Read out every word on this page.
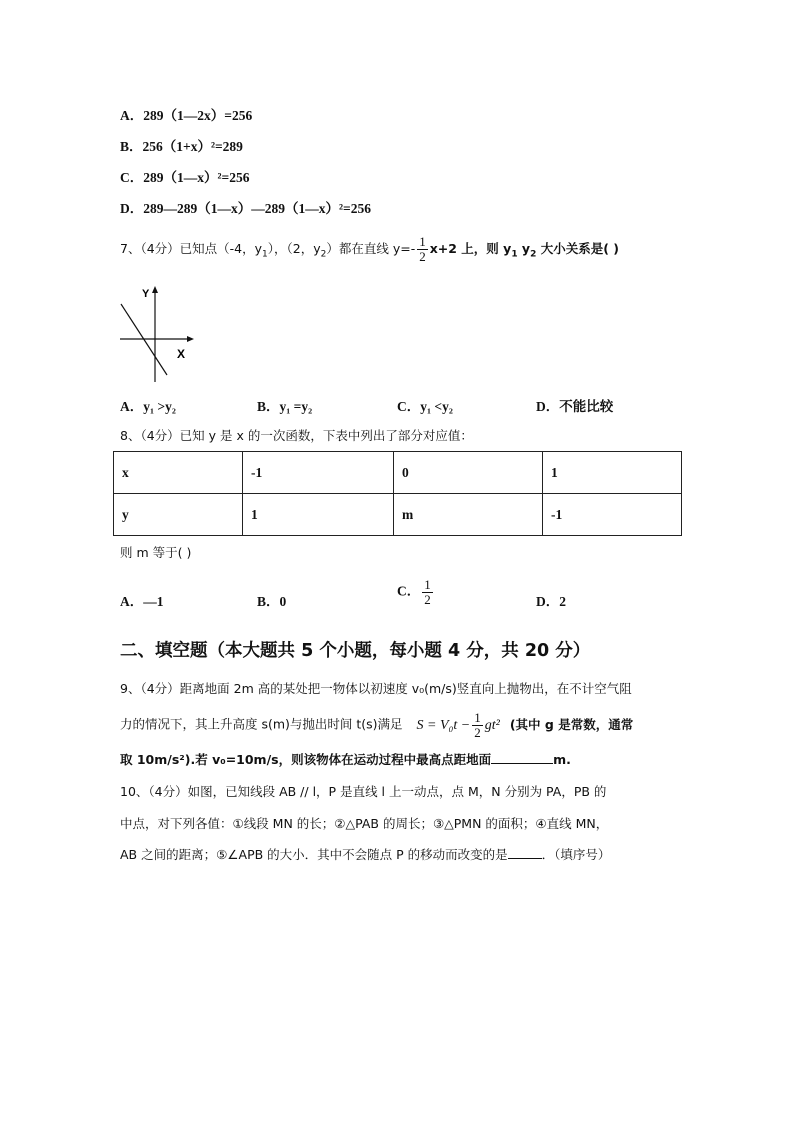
A．289（1—2x）=256
B．256（1+x）²=289
C．289（1—x）²=256
D．289—289（1—x）—289（1—x）²=256
7、（4分）已知点（-4，$y_1$），（2，$y_2$）都在直线 $y=- \frac{1}{2} x+2$ 上，则 $y_1$ $y_2$ 大小关系是( )
Y
X
A．y₁ >y₂	B．y₁ =y₂	C．y₁ <y₂	D．不能比较
8、（4分）已知 y 是 x 的一次函数，下表中列出了部分对应值：
x	-1	0	1
y	1	m	-1
则 m 等于( )
A．—1	B．0
C． $\frac{1}{2}$	D．2
二、填空题（本大题共 5 个小题，每小题 4 分，共 20 分）
9、（4分）距离地面 2m 高的某处把一物体以初速度 v₀(m/s)竖直向上抛物出，在不计空气阻
力的情况下，其上升高度 s(m)与抛出时间 t(s)满足 $S = V_0t - \frac{1}{2} gt^2$ (其中 g 是常数，通常
取 10m/s²).若 v₀=10m/s，则该物体在运动过程中最高点距地面	m.
10、（4分）如图，已知线段 AB // l，P 是直线 l 上一动点，点 M，N 分别为 PA，PB 的
中点，对下列各值：①线段 MN 的长；②△PAB 的周长；③△PMN 的面积；④直线 MN，
AB 之间的距离；⑤∠APB 的大小．其中不会随点 P 的移动而改变的是	．（填序号）
